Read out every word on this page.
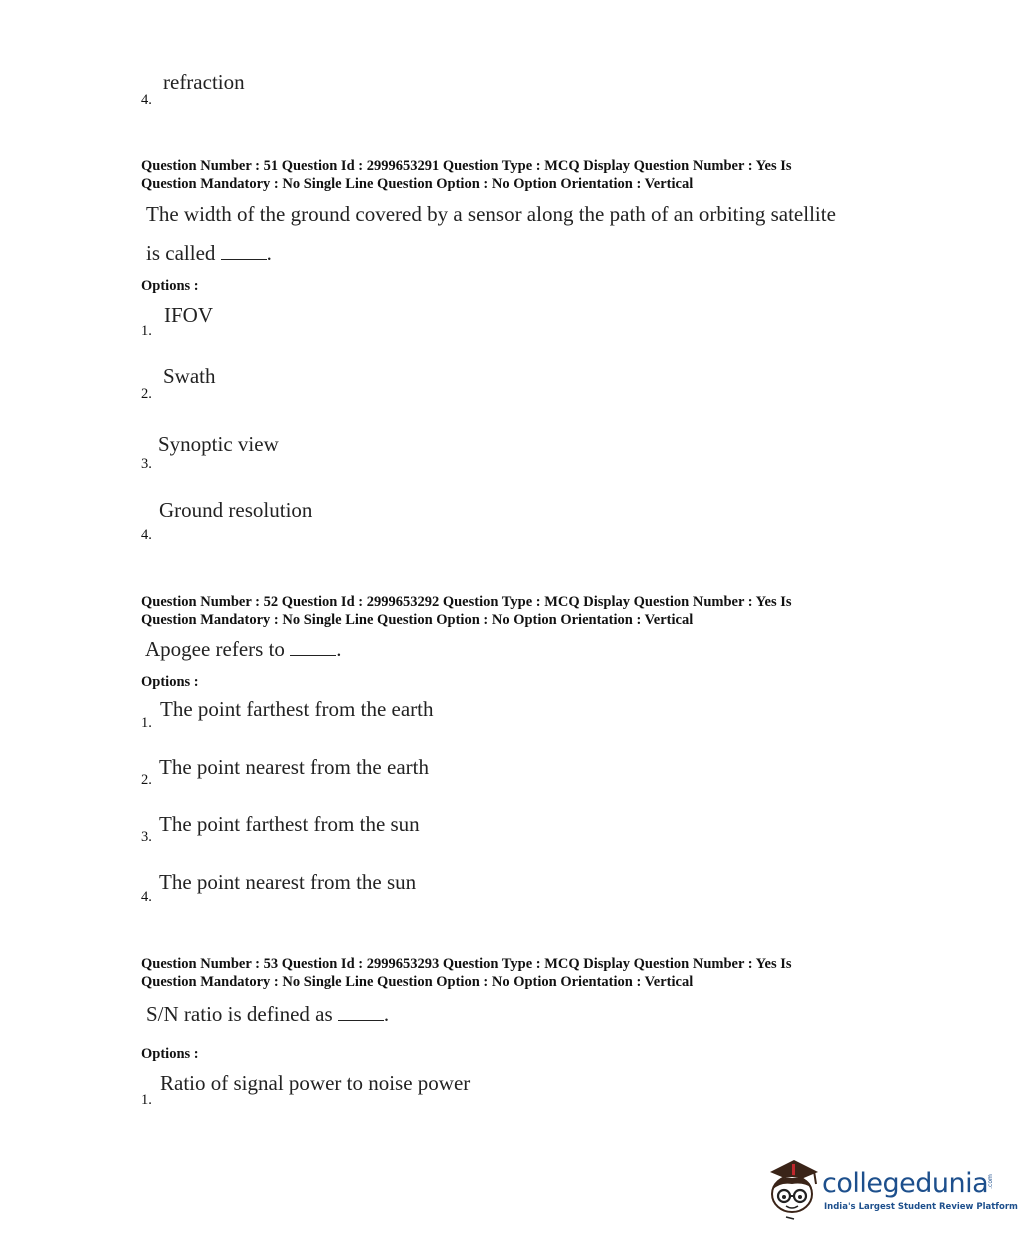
refraction
4.
Question Number : 51 Question Id : 2999653291 Question Type : MCQ Display Question Number : Yes Is
Question Mandatory : No Single Line Question Option : No Option Orientation : Vertical
The width of the ground covered by a sensor along the path of an orbiting satellite
is called .
Options :
IFOV
1.
Swath
2.
Synoptic view
3.
Ground resolution
4.
Question Number : 52 Question Id : 2999653292 Question Type : MCQ Display Question Number : Yes Is
Question Mandatory : No Single Line Question Option : No Option Orientation : Vertical
Apogee refers to .
Options :
The point farthest from the earth
1.
The point nearest from the earth
2.
The point farthest from the sun
3.
The point nearest from the sun
4.
Question Number : 53 Question Id : 2999653293 Question Type : MCQ Display Question Number : Yes Is
Question Mandatory : No Single Line Question Option : No Option Orientation : Vertical
S/N ratio is defined as .
Options :
Ratio of signal power to noise power
1.
collegedunia
.com
India's Largest Student Review Platform
